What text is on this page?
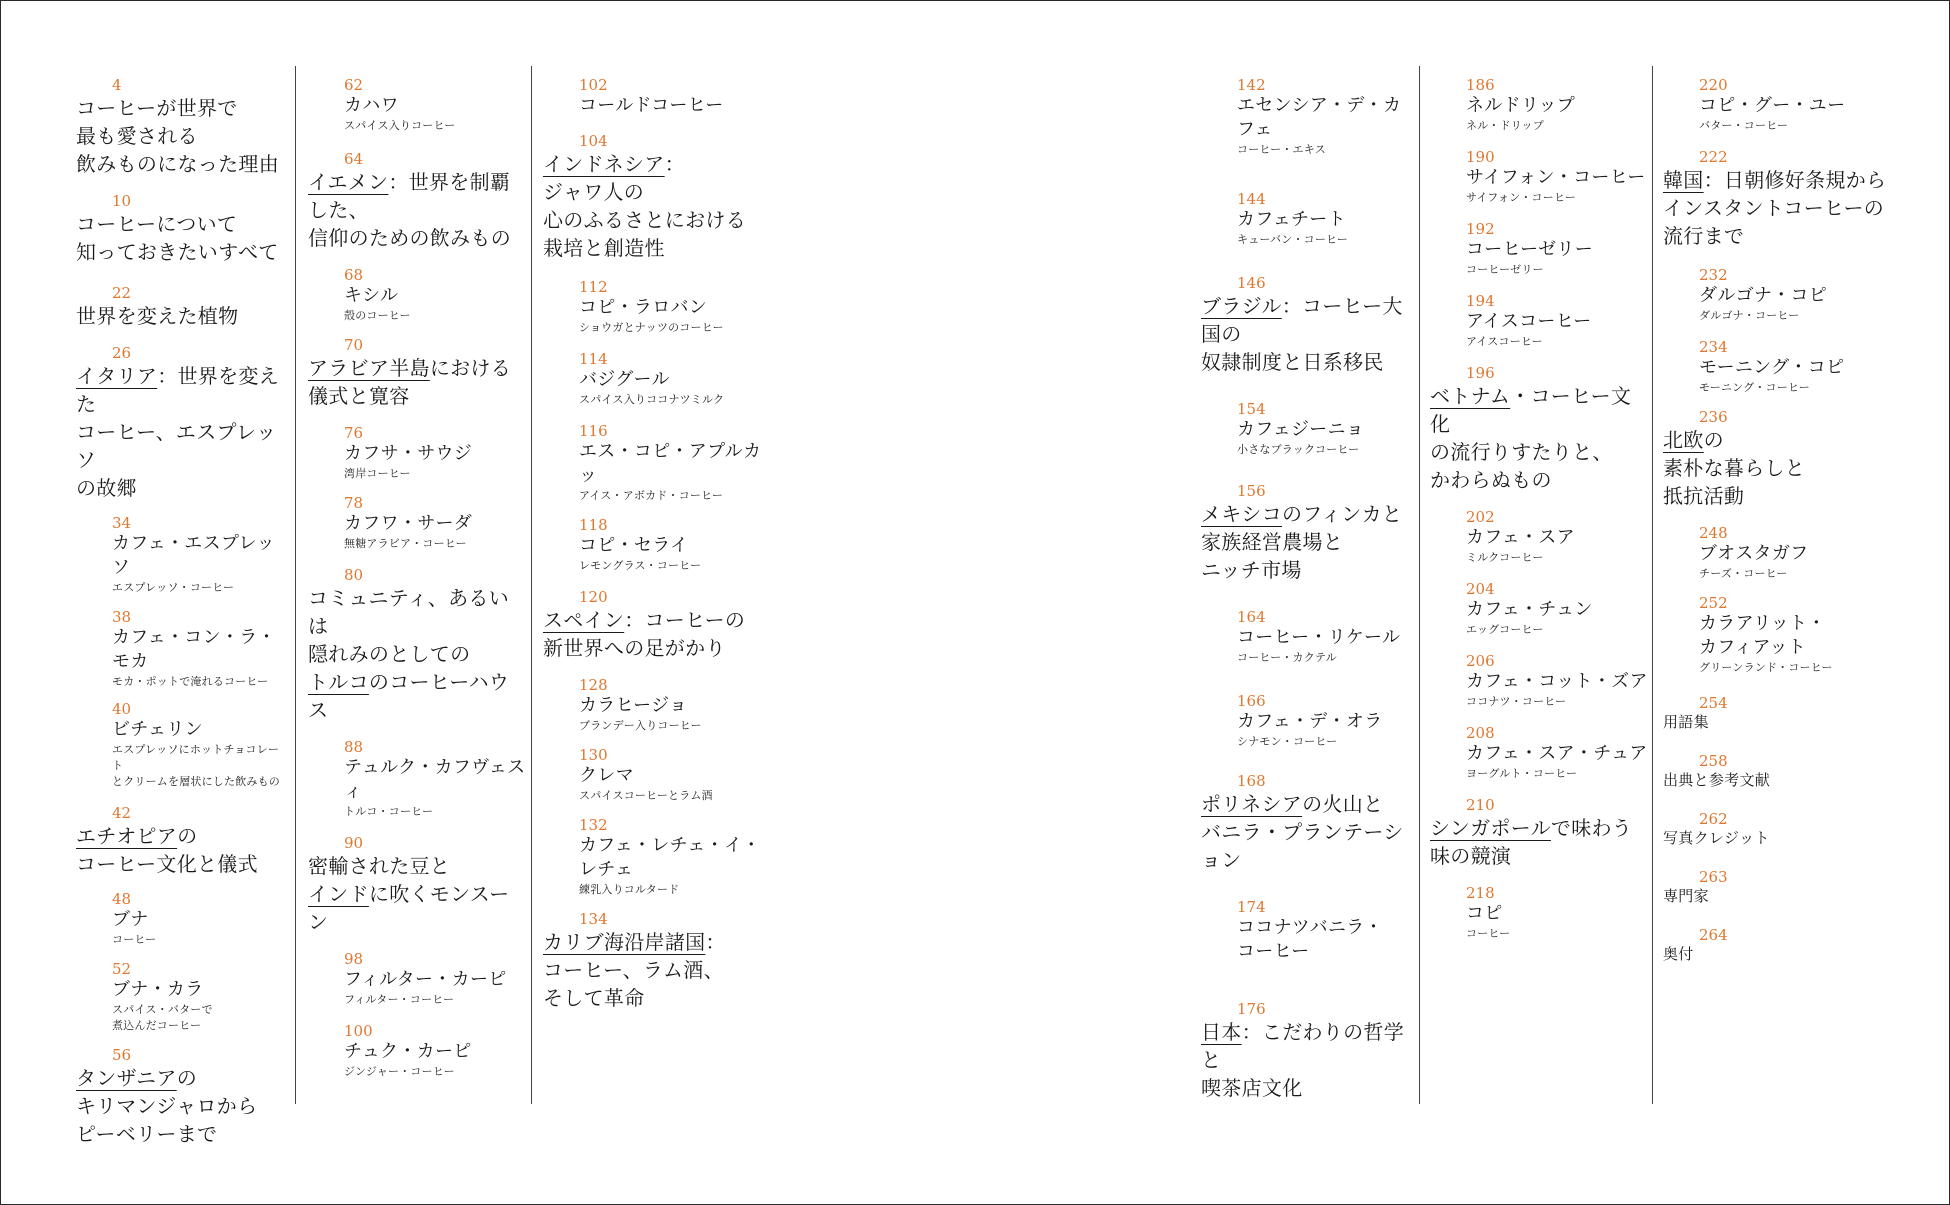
4
コーヒーが世界で
最も愛される
飲みものになった理由
10
コーヒーについて
知っておきたいすべて
22
世界を変えた植物
26
イタリア：世界を変えた
コーヒー、エスプレッソ
の故郷
34
カフェ・エスプレッソ
エスプレッソ・コーヒー
38
カフェ・コン・ラ・モカ
モカ・ポットで淹れるコーヒー
40
ビチェリン
エスプレッソにホットチョコレート
とクリームを層状にした飲みもの
42
エチオピアの
コーヒー文化と儀式
48
ブナ
コーヒー
52
ブナ・カラ
スパイス・バターで
煮込んだコーヒー
56
タンザニアの
キリマンジャロから
ピーベリーまで
62
カハワ
スパイス入りコーヒー
64
イエメン：世界を制覇した、
信仰のための飲みもの
68
キシル
殻のコーヒー
70
アラビア半島における
儀式と寛容
76
カフサ・サウジ
湾岸コーヒー
78
カフワ・サーダ
無糖アラビア・コーヒー
80
コミュニティ、あるいは
隠れみのとしての
トルコのコーヒーハウス
88
テュルク・カフヴェスィ
トルコ・コーヒー
90
密輸された豆と
インドに吹くモンスーン
98
フィルター・カーピ
フィルター・コーヒー
100
チュク・カーピ
ジンジャー・コーヒー
102
コールドコーヒー
104
インドネシア：
ジャワ人の
心のふるさとにおける
栽培と創造性
112
コピ・ラロバン
ショウガとナッツのコーヒー
114
バジグール
スパイス入りココナツミルク
116
エス・コピ・アプルカッ
アイス・アボカド・コーヒー
118
コピ・セライ
レモングラス・コーヒー
120
スペイン：コーヒーの
新世界への足がかり
128
カラヒージョ
ブランデー入りコーヒー
130
クレマ
スパイスコーヒーとラム酒
132
カフェ・レチェ・イ・
レチェ
練乳入りコルタード
134
カリブ海沿岸諸国：
コーヒー、ラム酒、
そして革命
142
エセンシア・デ・カフェ
コーヒー・エキス
144
カフェチート
キューバン・コーヒー
146
ブラジル：コーヒー大国の
奴隷制度と日系移民
154
カフェジーニョ
小さなブラックコーヒー
156
メキシコのフィンカと
家族経営農場と
ニッチ市場
164
コーヒー・リケール
コーヒー・カクテル
166
カフェ・デ・オラ
シナモン・コーヒー
168
ポリネシアの火山と
バニラ・プランテーション
174
ココナツバニラ・
コーヒー
176
日本：こだわりの哲学と
喫茶店文化
186
ネルドリップ
ネル・ドリップ
190
サイフォン・コーヒー
サイフォン・コーヒー
192
コーヒーゼリー
コーヒーゼリー
194
アイスコーヒー
アイスコーヒー
196
ベトナム・コーヒー文化
の流行りすたりと、
かわらぬもの
202
カフェ・スア
ミルクコーヒー
204
カフェ・チュン
エッグコーヒー
206
カフェ・コット・ズア
ココナツ・コーヒー
208
カフェ・スア・チュア
ヨーグルト・コーヒー
210
シンガポールで味わう
味の競演
218
コピ
コーヒー
220
コピ・グー・ユー
バター・コーヒー
222
韓国：日朝修好条規から
インスタントコーヒーの
流行まで
232
ダルゴナ・コピ
ダルゴナ・コーヒー
234
モーニング・コピ
モーニング・コーヒー
236
北欧の
素朴な暮らしと
抵抗活動
248
ブオスタガフ
チーズ・コーヒー
252
カラアリット・
カフィアット
グリーンランド・コーヒー
254
用語集
258
出典と参考文献
262
写真クレジット
263
専門家
264
奥付
